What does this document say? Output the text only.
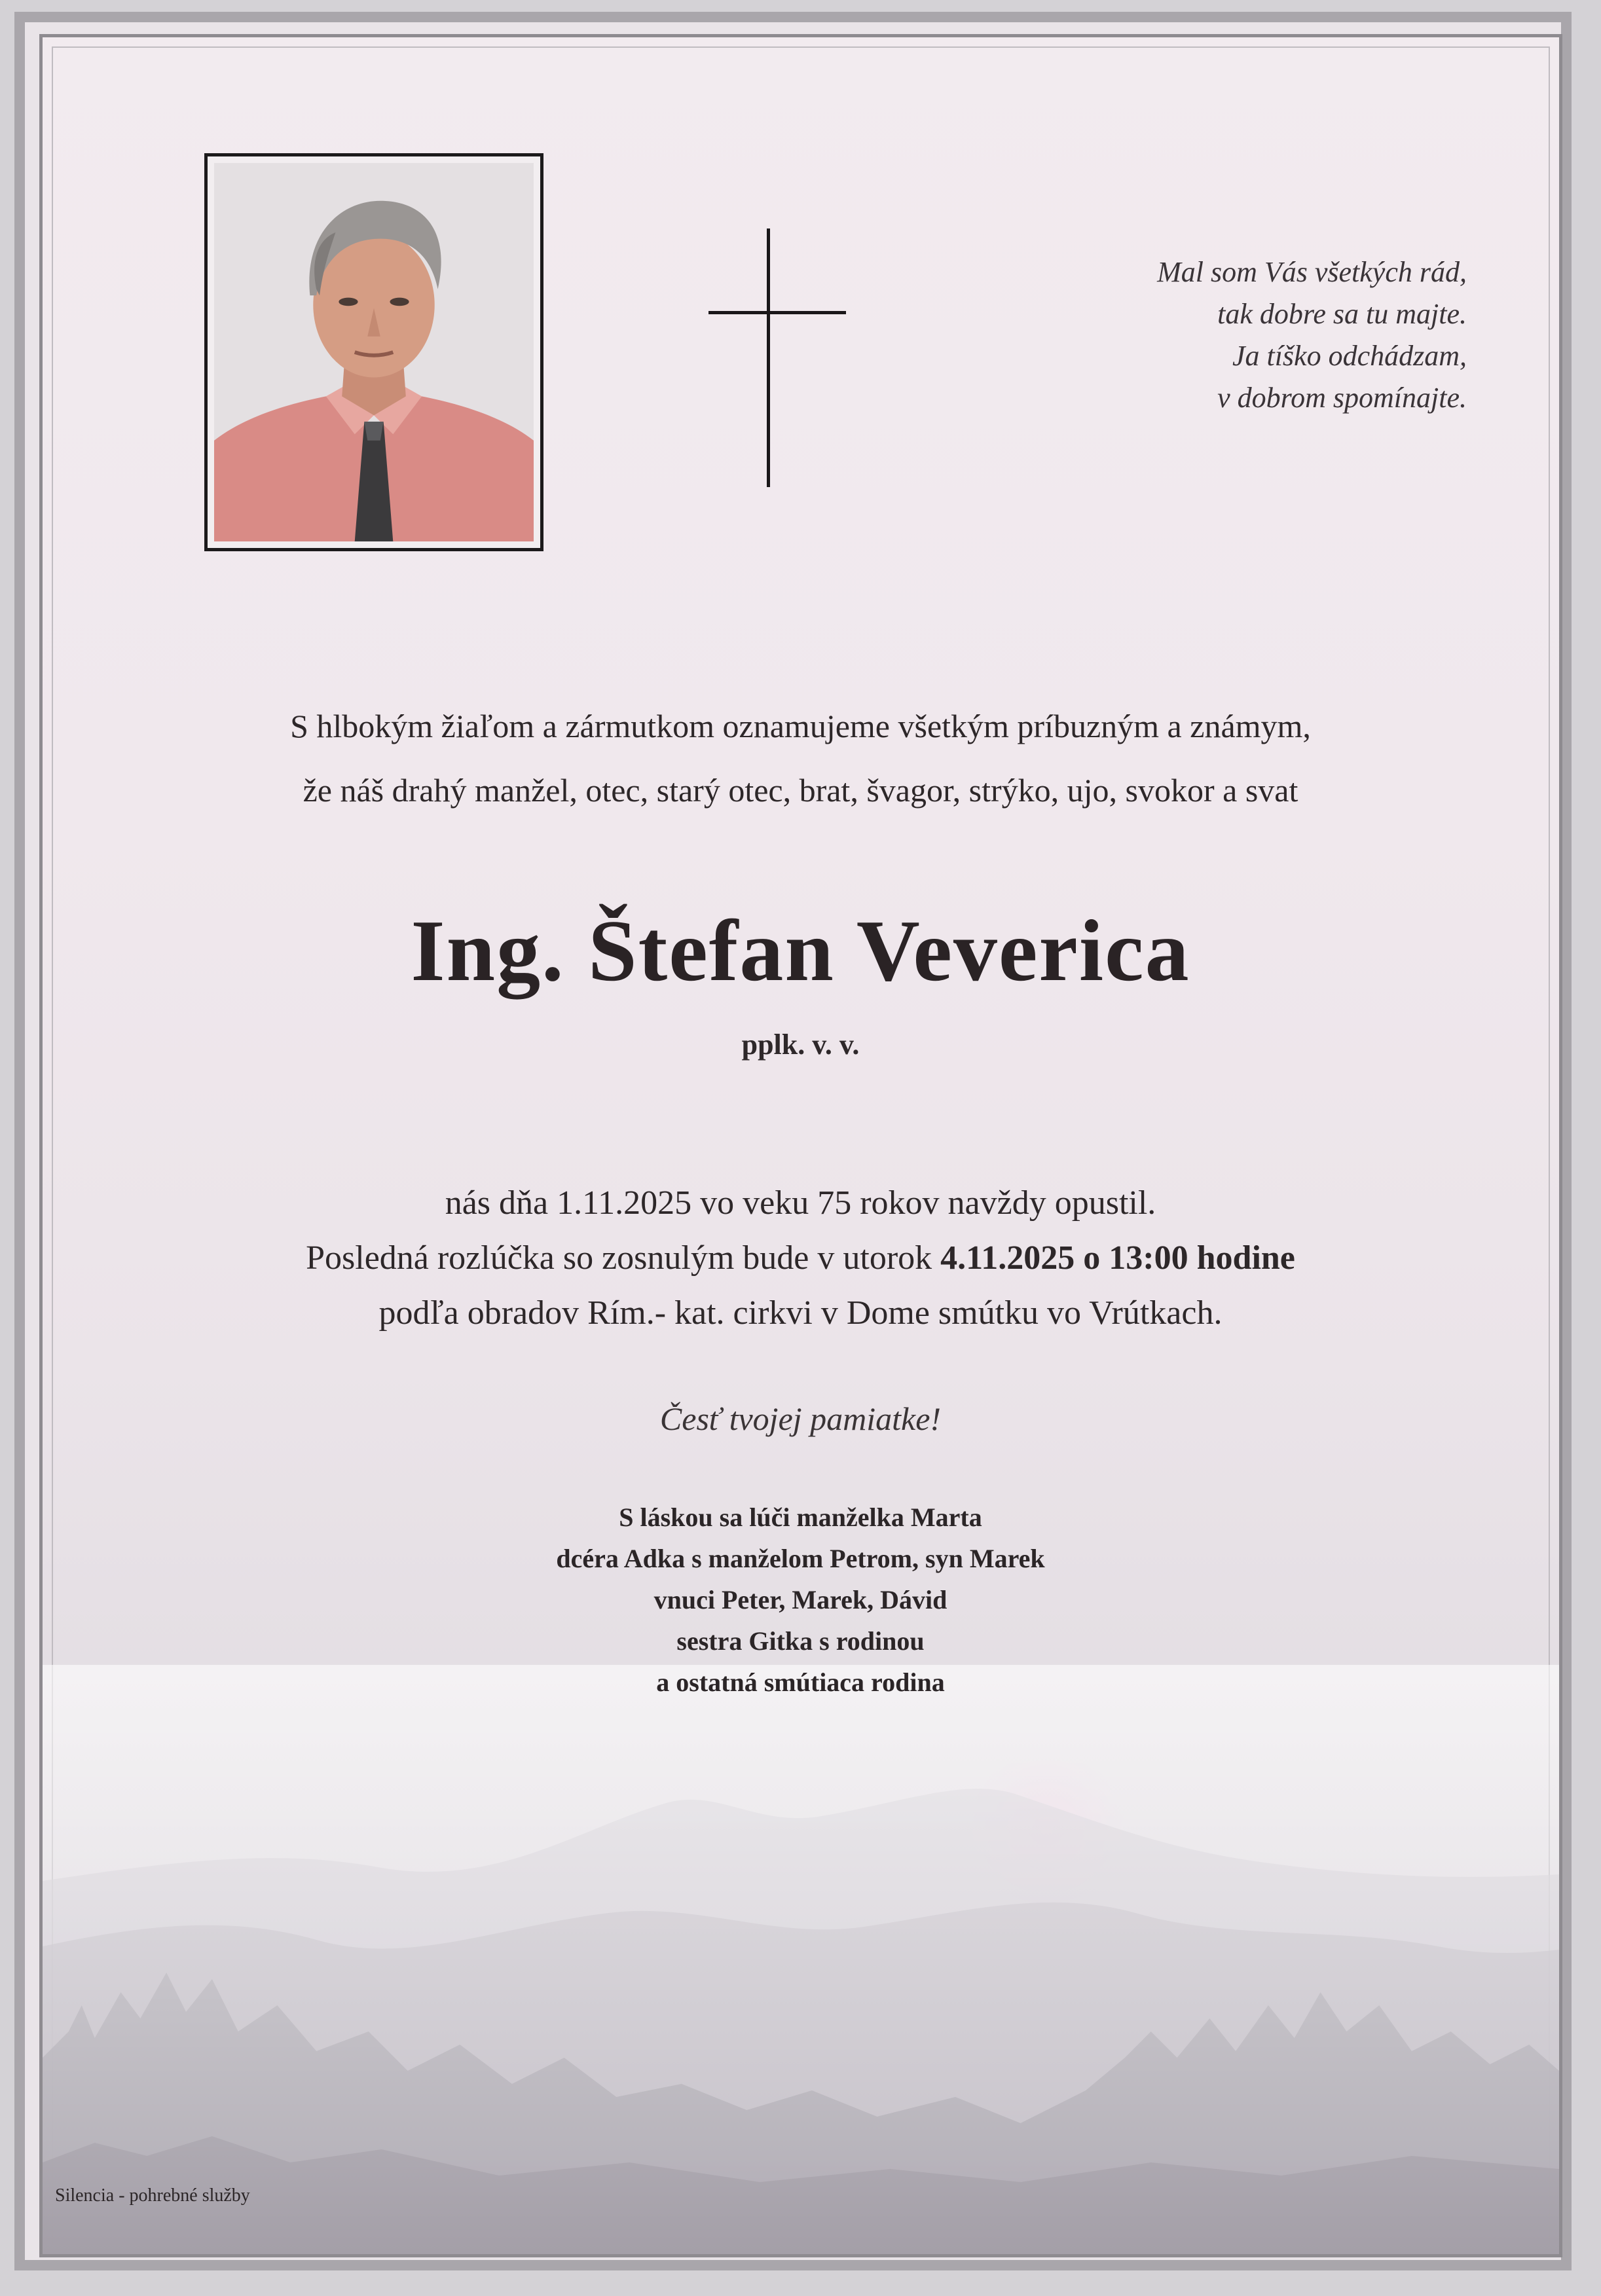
Mal som Vás všetkých rád,
tak dobre sa tu majte.
Ja tíško odchádzam,
v dobrom spomínajte.
S hlbokým žiaľom a zármutkom oznamujeme všetkým príbuzným a známym,
že náš drahý manžel, otec, starý otec, brat, švagor, strýko, ujo, svokor a svat
Ing. Štefan Veverica
pplk. v. v.
nás dňa 1.11.2025 vo veku 75 rokov navždy opustil.
Posledná rozlúčka so zosnulým bude v utorok 4.11.2025 o 13:00 hodine
podľa obradov Rím.- kat. cirkvi v Dome smútku vo Vrútkach.
Česť tvojej pamiatke!
S láskou sa lúči manželka Marta
dcéra Adka s manželom Petrom, syn Marek
vnuci Peter, Marek, Dávid
sestra Gitka s rodinou
a ostatná smútiaca rodina
Silencia - pohrebné služby
